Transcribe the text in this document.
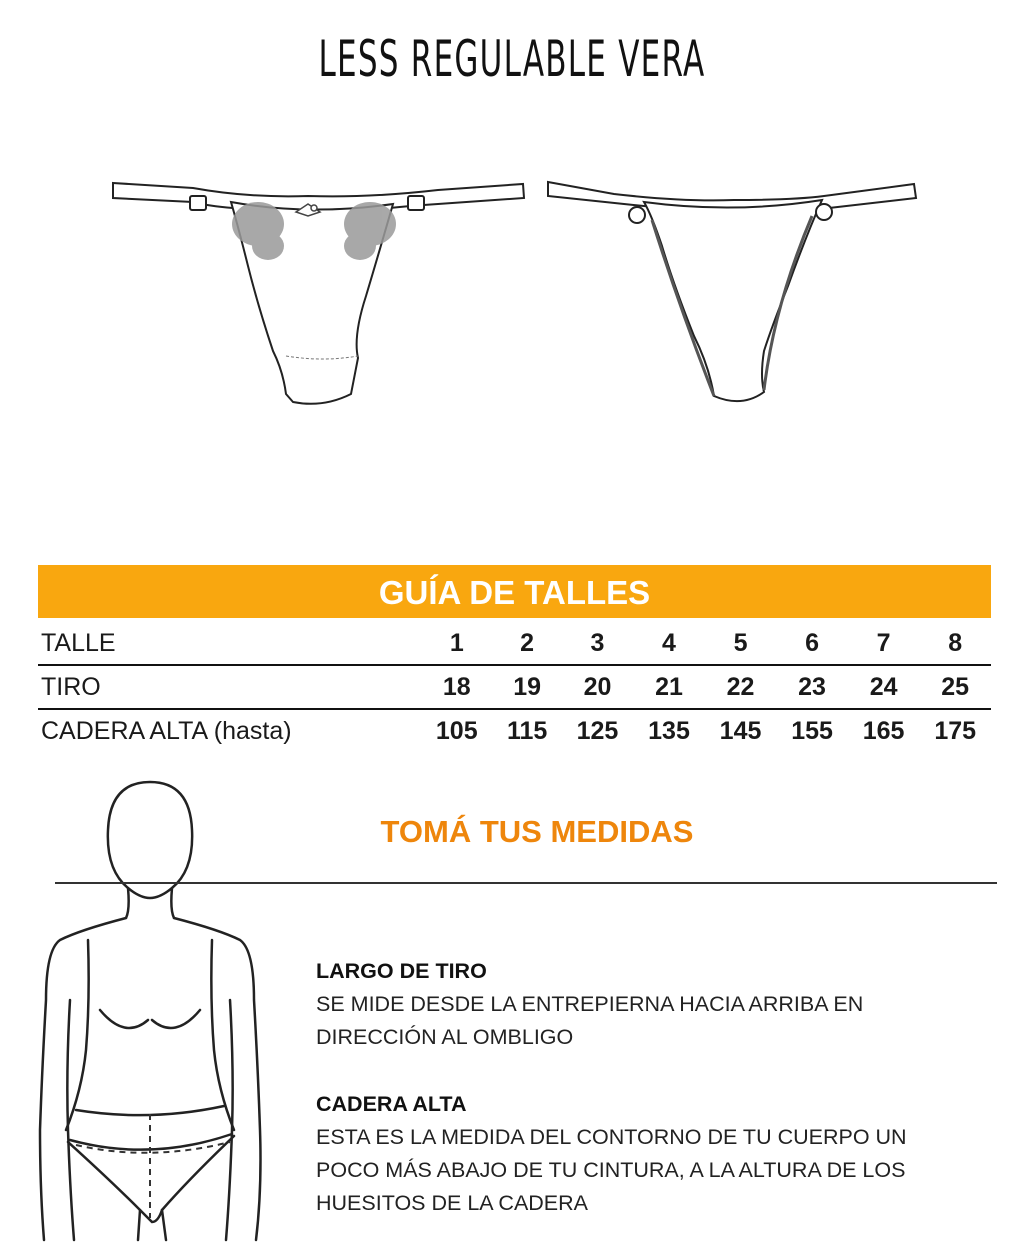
LESS REGULABLE VERA
GUÍA DE TALLES
TALLE	1	2	3	4	5	6	7	8
TIRO	18	19	20	21	22	23	24	25
CADERA ALTA (hasta)	105	115	125	135	145	155	165	175
TOMÁ TUS MEDIDAS
LARGO DE TIRO
SE MIDE DESDE LA ENTREPIERNA HACIA ARRIBA EN
DIRECCIÓN AL OMBLIGO
CADERA ALTA
ESTA ES LA MEDIDA DEL CONTORNO DE TU CUERPO UN
POCO MÁS ABAJO DE TU CINTURA, A LA ALTURA DE LOS
HUESITOS DE LA CADERA
